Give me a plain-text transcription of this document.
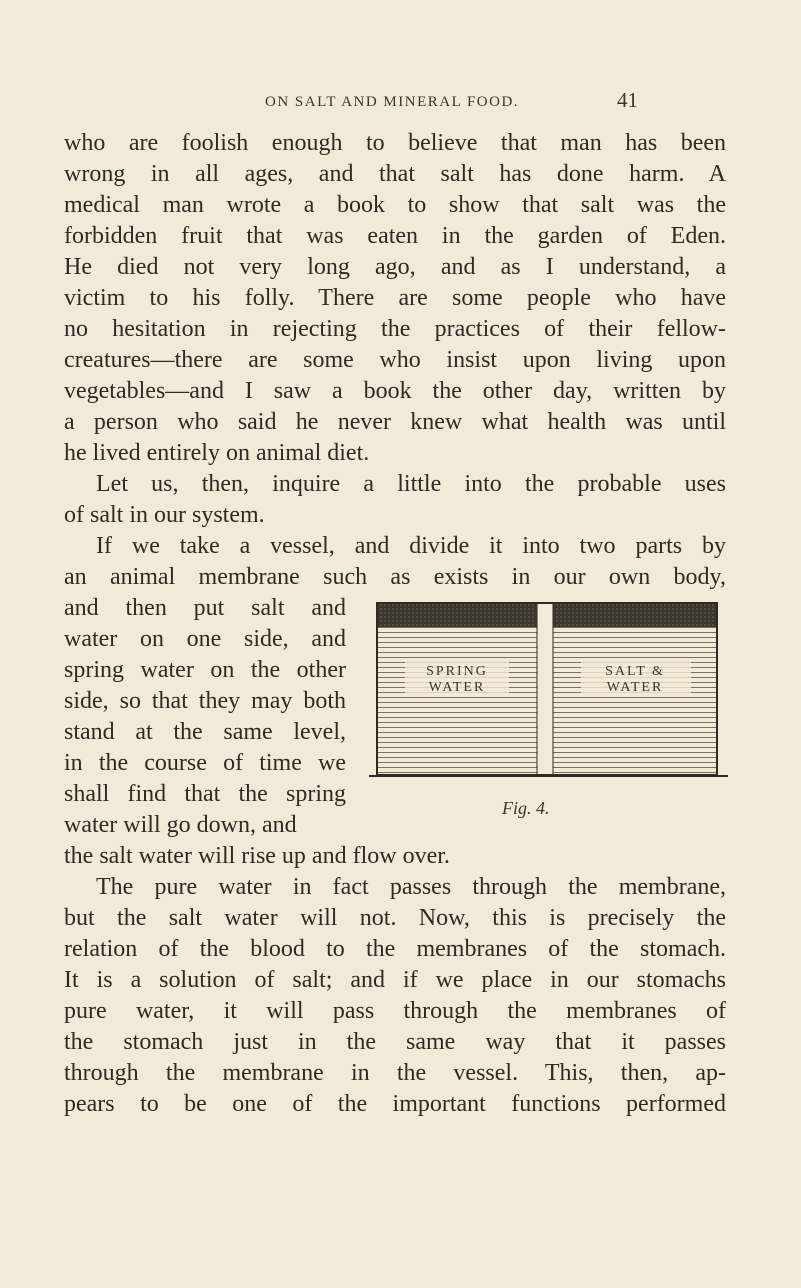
ON SALT AND MINERAL FOOD.	41
who are foolish enough to believe that man has been
wrong in all ages, and that salt has done harm. A
medical man wrote a book to show that salt was the
forbidden fruit that was eaten in the garden of Eden.
He died not very long ago, and as I understand, a
victim to his folly. There are some people who have
no hesitation in rejecting the practices of their fellow-
creatures—there are some who insist upon living upon
vegetables—and I saw a book the other day, written by
a person who said he never knew what health was until
he lived entirely on animal diet.
Let us, then, inquire a little into the probable uses
of salt in our system.
If we take a vessel, and divide it into two parts by
an animal membrane such as exists in our own body,
and then put salt and
water on one side, and
spring water on the other
side, so that they may both
stand at the same level,
in the course of time we
shall find that the spring
water will go down, and
the salt water will rise up and flow over.
The pure water in fact passes through the membrane,
but the salt water will not. Now, this is precisely the
relation of the blood to the membranes of the stomach.
It is a solution of salt; and if we place in our stomachs
pure water, it will pass through the membranes of
the stomach just in the same way that it passes
through the membrane in the vessel. This, then, ap-
pears to be one of the important functions performed
SPRING
WATER
SALT &
WATER
Fig. 4.
